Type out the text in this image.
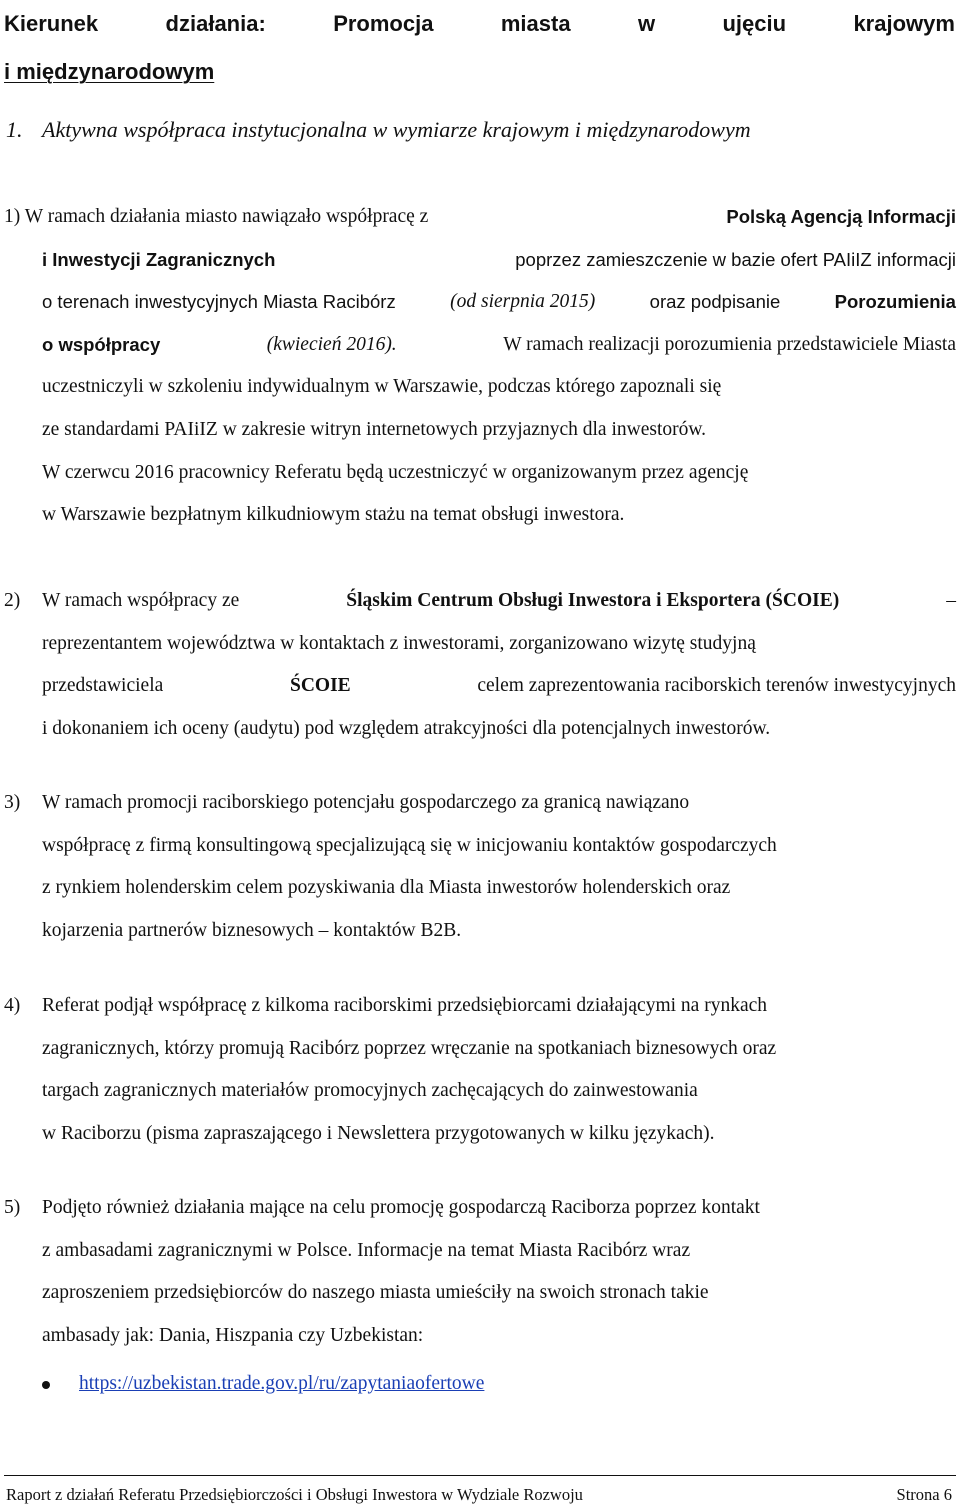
Kierunek	działania:	Promocja	miasta	w	ujęciu	krajowym
i międzynarodowym
1. Aktywna współpraca instytucjonalna w wymiarze krajowym i międzynarodowym
1) W ramach działania miasto nawiązało współpracę z	Polską Agencją Informacji
i Inwestycji Zagranicznych	poprzez zamieszczenie w bazie ofert PAIiIZ informacji
o terenach inwestycyjnych Miasta Racibórz	(od sierpnia 2015)	oraz podpisanie	Porozumienia
o współpracy	(kwiecień 2016).	W ramach realizacji porozumienia przedstawiciele Miasta
uczestniczyli w szkoleniu indywidualnym w Warszawie, podczas którego zapoznali się
ze standardami PAIiIZ w zakresie witryn internetowych przyjaznych dla inwestorów.
W czerwcu 2016 pracownicy Referatu będą uczestniczyć w organizowanym przez agencję
w Warszawie bezpłatnym kilkudniowym stażu na temat obsługi inwestora.
2) W ramach współpracy ze	Śląskim Centrum Obsługi Inwestora i Eksportera (ŚCOIE)	–
reprezentantem województwa w kontaktach z inwestorami, zorganizowano wizytę studyjną
przedstawiciela	ŚCOIE	celem zaprezentowania raciborskich terenów inwestycyjnych
i dokonaniem ich oceny (audytu) pod względem atrakcyjności dla potencjalnych inwestorów.
3) W ramach promocji raciborskiego potencjału gospodarczego za granicą nawiązano
współpracę z firmą konsultingową specjalizującą się w inicjowaniu kontaktów gospodarczych
z rynkiem holenderskim celem pozyskiwania dla Miasta inwestorów holenderskich oraz
kojarzenia partnerów biznesowych – kontaktów B2B.
4) Referat podjął współpracę z kilkoma raciborskimi przedsiębiorcami działającymi na rynkach
zagranicznych, którzy promują Racibórz poprzez wręczanie na spotkaniach biznesowych oraz
targach zagranicznych materiałów promocyjnych zachęcających do zainwestowania
w Raciborzu (pisma zapraszającego i Newslettera przygotowanych w kilku językach).
5) Podjęto również działania mające na celu promocję gospodarczą Raciborza poprzez kontakt
z ambasadami zagranicznymi w Polsce. Informacje na temat Miasta Racibórz wraz
zaproszeniem przedsiębiorców do naszego miasta umieściły na swoich stronach takie
ambasady jak: Dania, Hiszpania czy Uzbekistan:
https://uzbekistan.trade.gov.pl/ru/zapytaniaofertowe
Raport z działań Referatu Przedsiębiorczości i Obsługi Inwestora w Wydziale Rozwoju	Strona 6
